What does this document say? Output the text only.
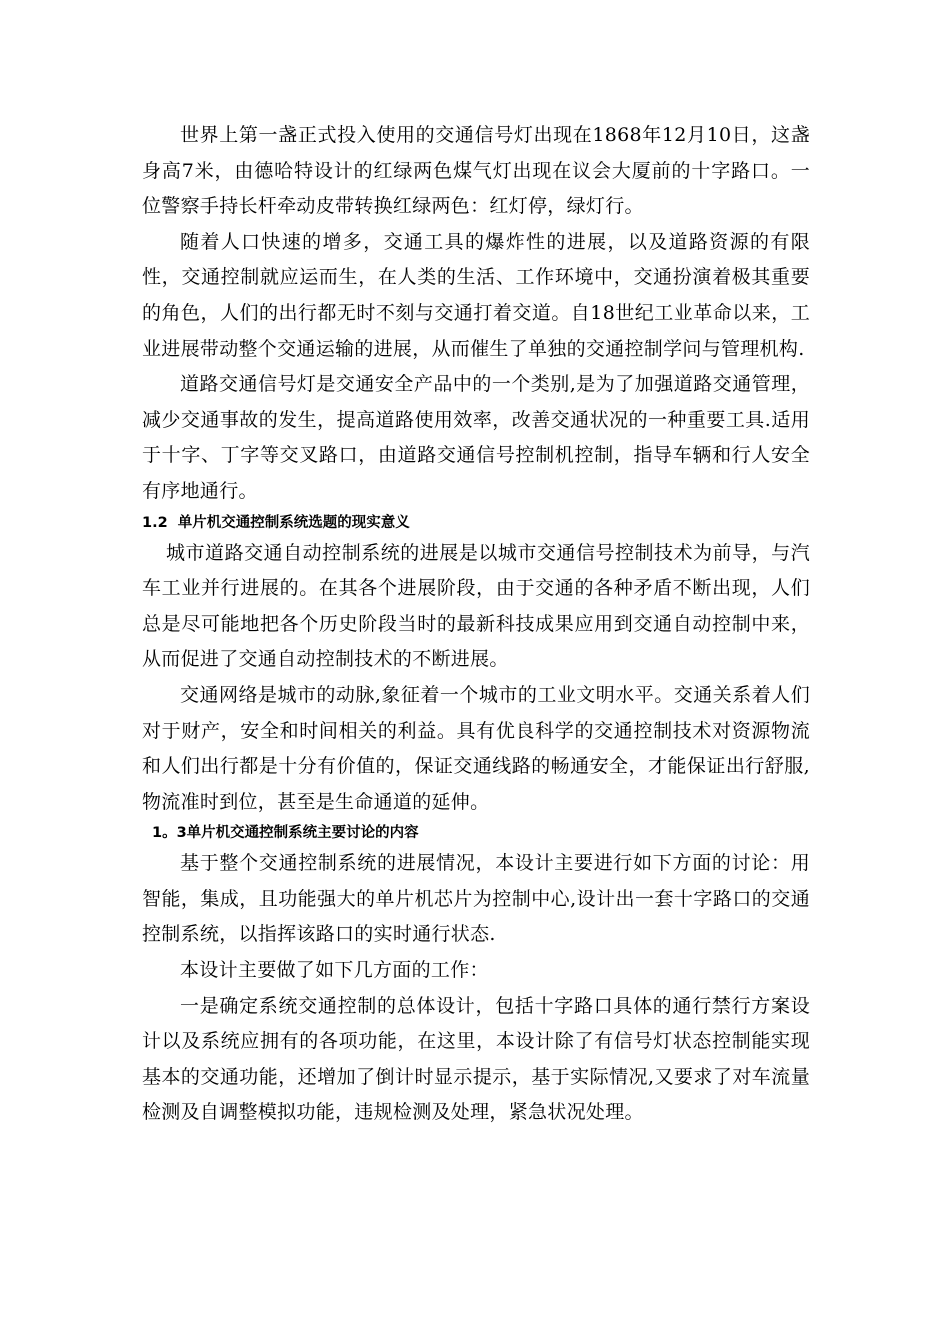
世界上第一盏正式投入使用的交通信号灯出现在1868年12月10日，这盏身高7米，由德哈特设计的红绿两色煤气灯出现在议会大厦前的十字路口。一位警察手持长杆牵动皮带转换红绿两色：红灯停，绿灯行。

随着人口快速的增多，交通工具的爆炸性的进展，以及道路资源的有限性，交通控制就应运而生，在人类的生活、工作环境中，交通扮演着极其重要的角色，人们的出行都无时不刻与交通打着交道。自18世纪工业革命以来，工业进展带动整个交通运输的进展，从而催生了单独的交通控制学问与管理机构.

道路交通信号灯是交通安全产品中的一个类别,是为了加强道路交通管理，减少交通事故的发生，提高道路使用效率，改善交通状况的一种重要工具.适用于十字、丁字等交叉路口，由道路交通信号控制机控制，指导车辆和行人安全有序地通行。

1.2  单片机交通控制系统选题的现实意义

城市道路交通自动控制系统的进展是以城市交通信号控制技术为前导，与汽车工业并行进展的。在其各个进展阶段，由于交通的各种矛盾不断出现，人们总是尽可能地把各个历史阶段当时的最新科技成果应用到交通自动控制中来，从而促进了交通自动控制技术的不断进展。

交通网络是城市的动脉,象征着一个城市的工业文明水平。交通关系着人们对于财产，安全和时间相关的利益。具有优良科学的交通控制技术对资源物流和人们出行都是十分有价值的，保证交通线路的畅通安全，才能保证出行舒服,物流准时到位，甚至是生命通道的延伸。

1。3单片机交通控制系统主要讨论的内容

基于整个交通控制系统的进展情况，本设计主要进行如下方面的讨论：用智能，集成，且功能强大的单片机芯片为控制中心,设计出一套十字路口的交通控制系统，以指挥该路口的实时通行状态.

本设计主要做了如下几方面的工作：

一是确定系统交通控制的总体设计，包括十字路口具体的通行禁行方案设计以及系统应拥有的各项功能，在这里，本设计除了有信号灯状态控制能实现基本的交通功能，还增加了倒计时显示提示，基于实际情况,又要求了对车流量检测及自调整模拟功能，违规检测及处理，紧急状况处理。
